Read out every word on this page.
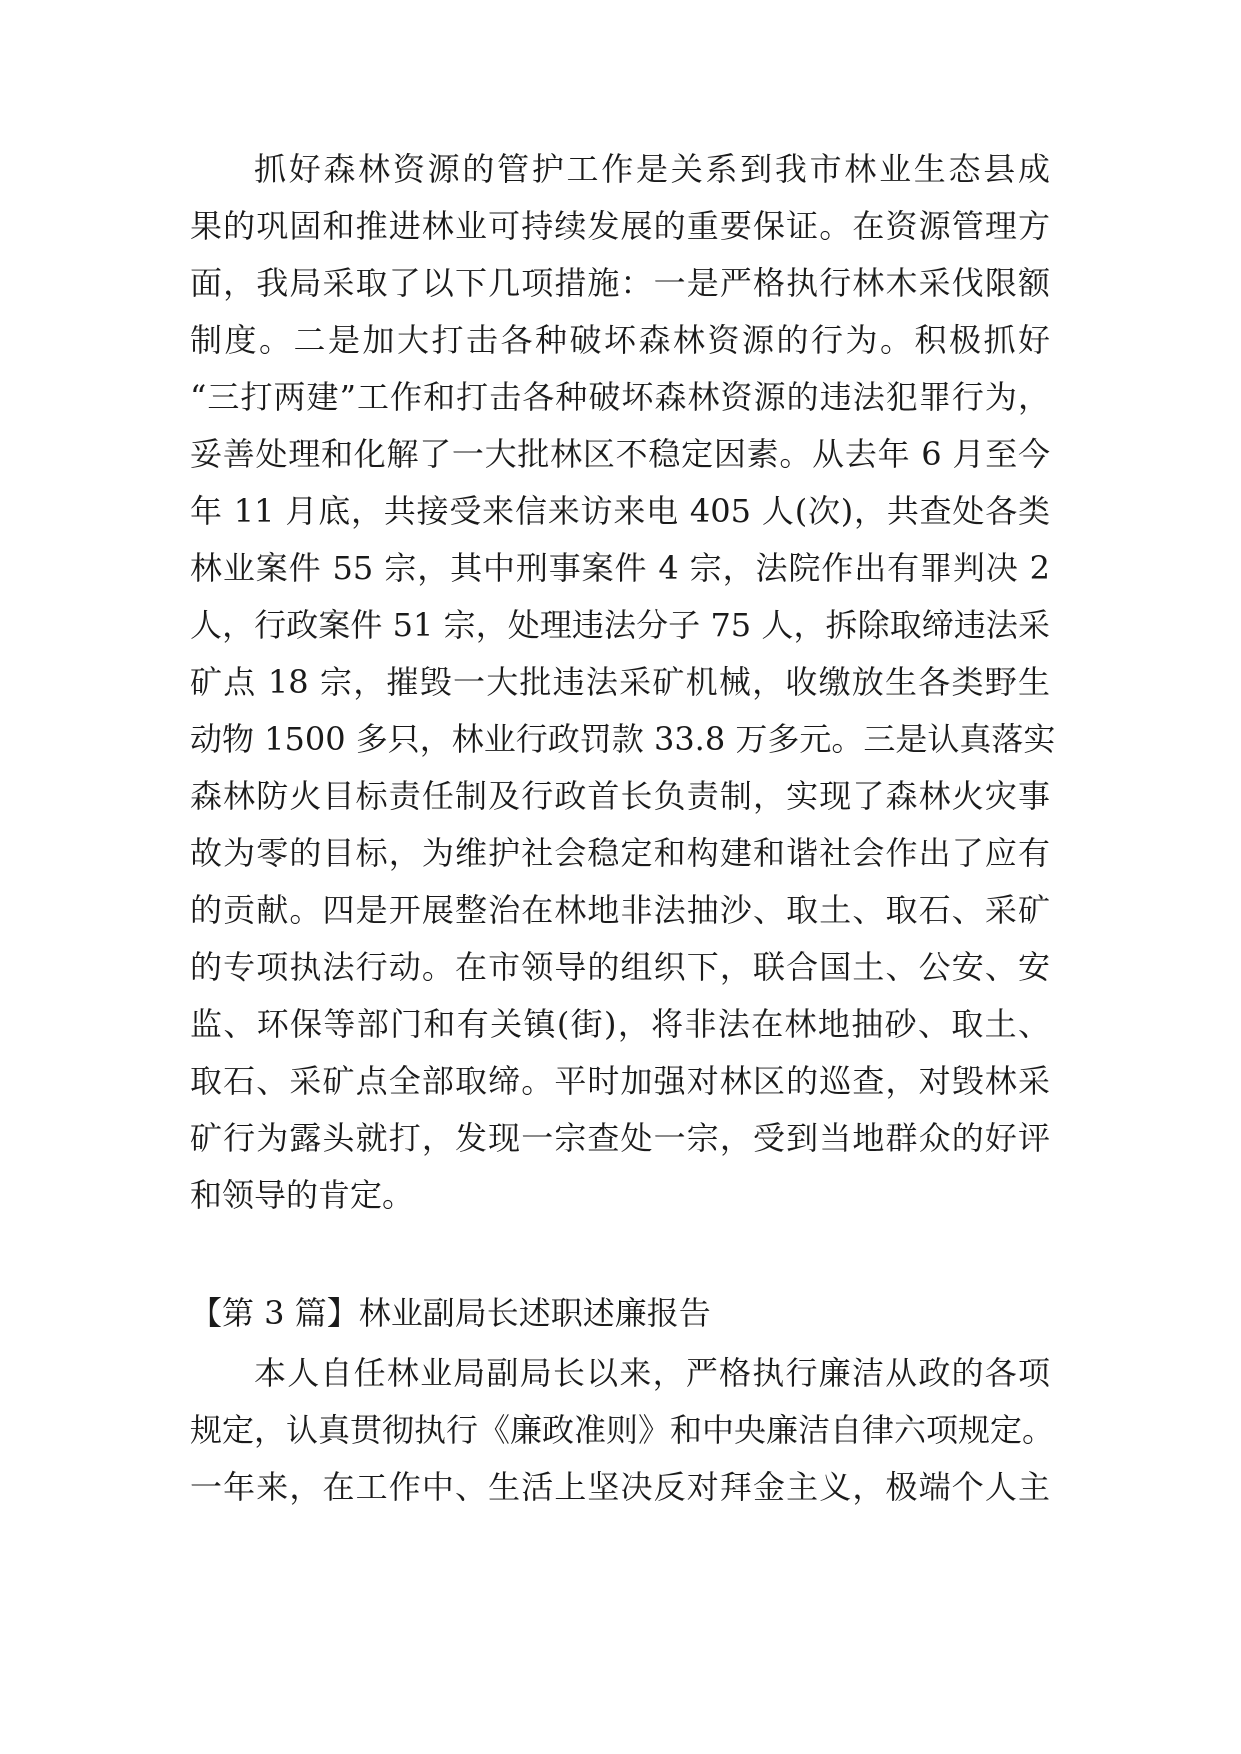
抓好森林资源的管护工作是关系到我市林业生态县成
果的巩固和推进林业可持续发展的重要保证。在资源管理方
面，我局采取了以下几项措施：一是严格执行林木采伐限额
制度。二是加大打击各种破坏森林资源的行为。积极抓好
“三打两建”工作和打击各种破坏森林资源的违法犯罪行为，
妥善处理和化解了一大批林区不稳定因素。从去年 6 月至今
年 11 月底，共接受来信来访来电 405 人(次)，共查处各类
林业案件 55 宗，其中刑事案件 4 宗，法院作出有罪判决 2
人，行政案件 51 宗，处理违法分子 75 人，拆除取缔违法采
矿点 18 宗，摧毁一大批违法采矿机械，收缴放生各类野生
动物 1500 多只，林业行政罚款 33.8 万多元。三是认真落实
森林防火目标责任制及行政首长负责制，实现了森林火灾事
故为零的目标，为维护社会稳定和构建和谐社会作出了应有
的贡献。四是开展整治在林地非法抽沙、取土、取石、采矿
的专项执法行动。在市领导的组织下，联合国土、公安、安
监、环保等部门和有关镇(街)，将非法在林地抽砂、取土、
取石、采矿点全部取缔。平时加强对林区的巡查，对毁林采
矿行为露头就打，发现一宗查处一宗，受到当地群众的好评
和领导的肯定。
【第 3 篇】林业副局长述职述廉报告
本人自任林业局副局长以来，严格执行廉洁从政的各项
规定，认真贯彻执行《廉政准则》和中央廉洁自律六项规定。
一年来，在工作中、生活上坚决反对拜金主义，极端个人主
